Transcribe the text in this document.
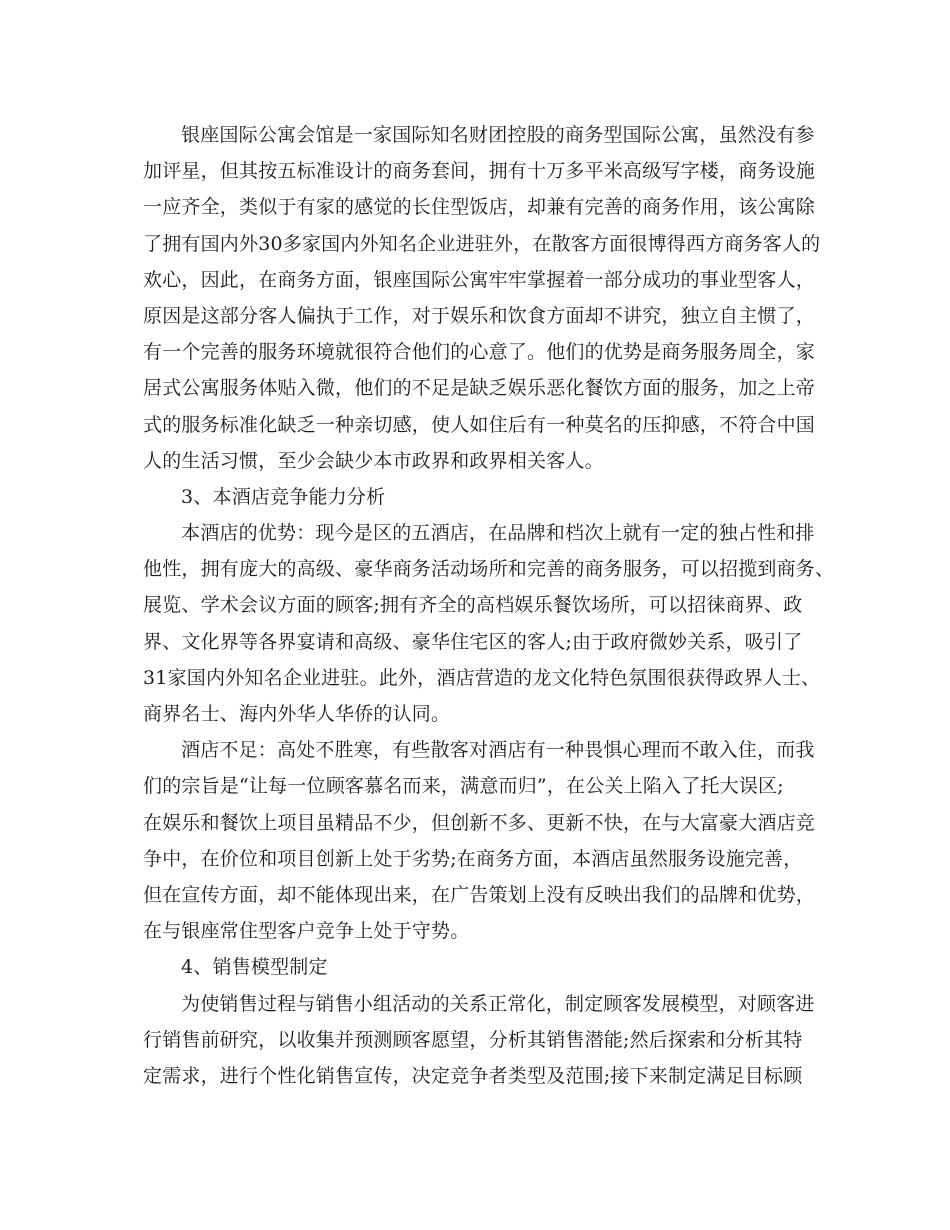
银座国际公寓会馆是一家国际知名财团控股的商务型国际公寓，虽然没有参
加评星，但其按五标准设计的商务套间，拥有十万多平米高级写字楼，商务设施
一应齐全，类似于有家的感觉的长住型饭店，却兼有完善的商务作用，该公寓除
了拥有国内外30多家国内外知名企业进驻外，在散客方面很博得西方商务客人的
欢心，因此，在商务方面，银座国际公寓牢牢掌握着一部分成功的事业型客人，
原因是这部分客人偏执于工作，对于娱乐和饮食方面却不讲究，独立自主惯了，
有一个完善的服务环境就很符合他们的心意了。他们的优势是商务服务周全，家
居式公寓服务体贴入微，他们的不足是缺乏娱乐恶化餐饮方面的服务，加之上帝
式的服务标准化缺乏一种亲切感，使人如住后有一种莫名的压抑感，不符合中国
人的生活习惯，至少会缺少本市政界和政界相关客人。
3、本酒店竞争能力分析
本酒店的优势：现今是区的五酒店，在品牌和档次上就有一定的独占性和排
他性，拥有庞大的高级、豪华商务活动场所和完善的商务服务，可以招揽到商务、
展览、学术会议方面的顾客;拥有齐全的高档娱乐餐饮场所，可以招徕商界、政
界、文化界等各界宴请和高级、豪华住宅区的客人;由于政府微妙关系，吸引了
31家国内外知名企业进驻。此外，酒店营造的龙文化特色氛围很获得政界人士、
商界名士、海内外华人华侨的认同。
酒店不足：高处不胜寒，有些散客对酒店有一种畏惧心理而不敢入住，而我
们的宗旨是“让每一位顾客慕名而来，满意而归”，在公关上陷入了托大误区;
在娱乐和餐饮上项目虽精品不少，但创新不多、更新不快，在与大富豪大酒店竞
争中，在价位和项目创新上处于劣势;在商务方面，本酒店虽然服务设施完善，
但在宣传方面，却不能体现出来，在广告策划上没有反映出我们的品牌和优势，
在与银座常住型客户竞争上处于守势。
4、销售模型制定
为使销售过程与销售小组活动的关系正常化，制定顾客发展模型，对顾客进
行销售前研究，以收集并预测顾客愿望，分析其销售潜能;然后探索和分析其特
定需求，进行个性化销售宣传，决定竞争者类型及范围;接下来制定满足目标顾
